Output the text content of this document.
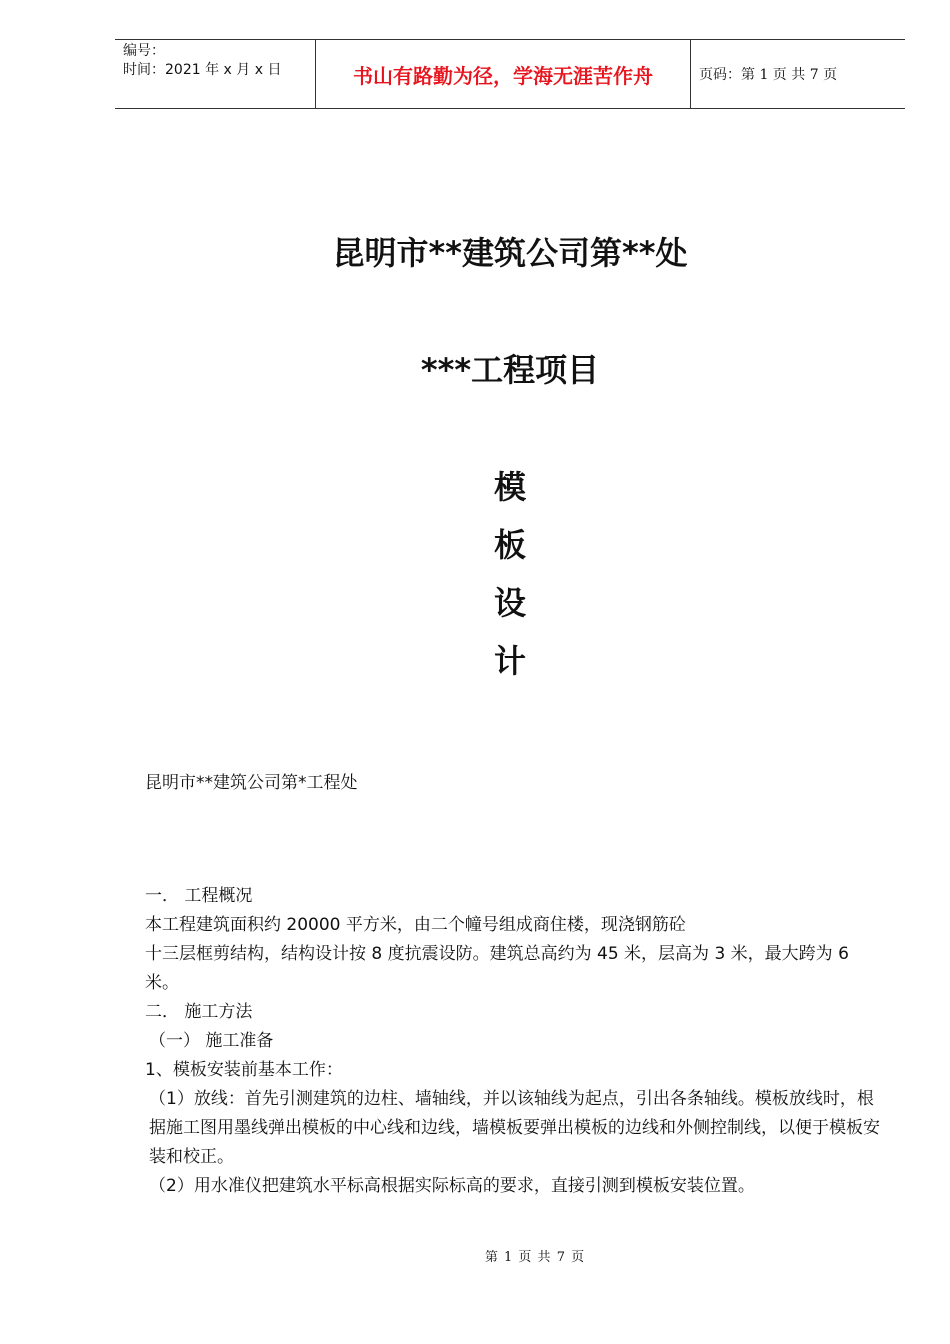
编号：
时间：2021 年 x 月 x 日	书山有路勤为径，学海无涯苦作舟	页码：第 1 页 共 7 页
昆明市**建筑公司第**处
***工程项目
模
板
设
计
昆明市**建筑公司第*工程处

一． 工程概况

本工程建筑面积约 20000 平方米，由二个幢号组成商住楼，现浇钢筋砼

十三层框剪结构，结构设计按 8 度抗震设防。建筑总高约为 45 米，层高为 3 米，最大跨为 6 米。

二． 施工方法

（一） 施工准备

1、模板安装前基本工作：

（1）放线：首先引测建筑的边柱、墙轴线，并以该轴线为起点，引出各条轴线。模板放线时，根据施工图用墨线弹出模板的中心线和边线，墙模板要弹出模板的边线和外侧控制线，以便于模板安装和校正。

（2）用水准仪把建筑水平标高根据实际标高的要求，直接引测到模板安装位置。

第 1 页 共 7 页
